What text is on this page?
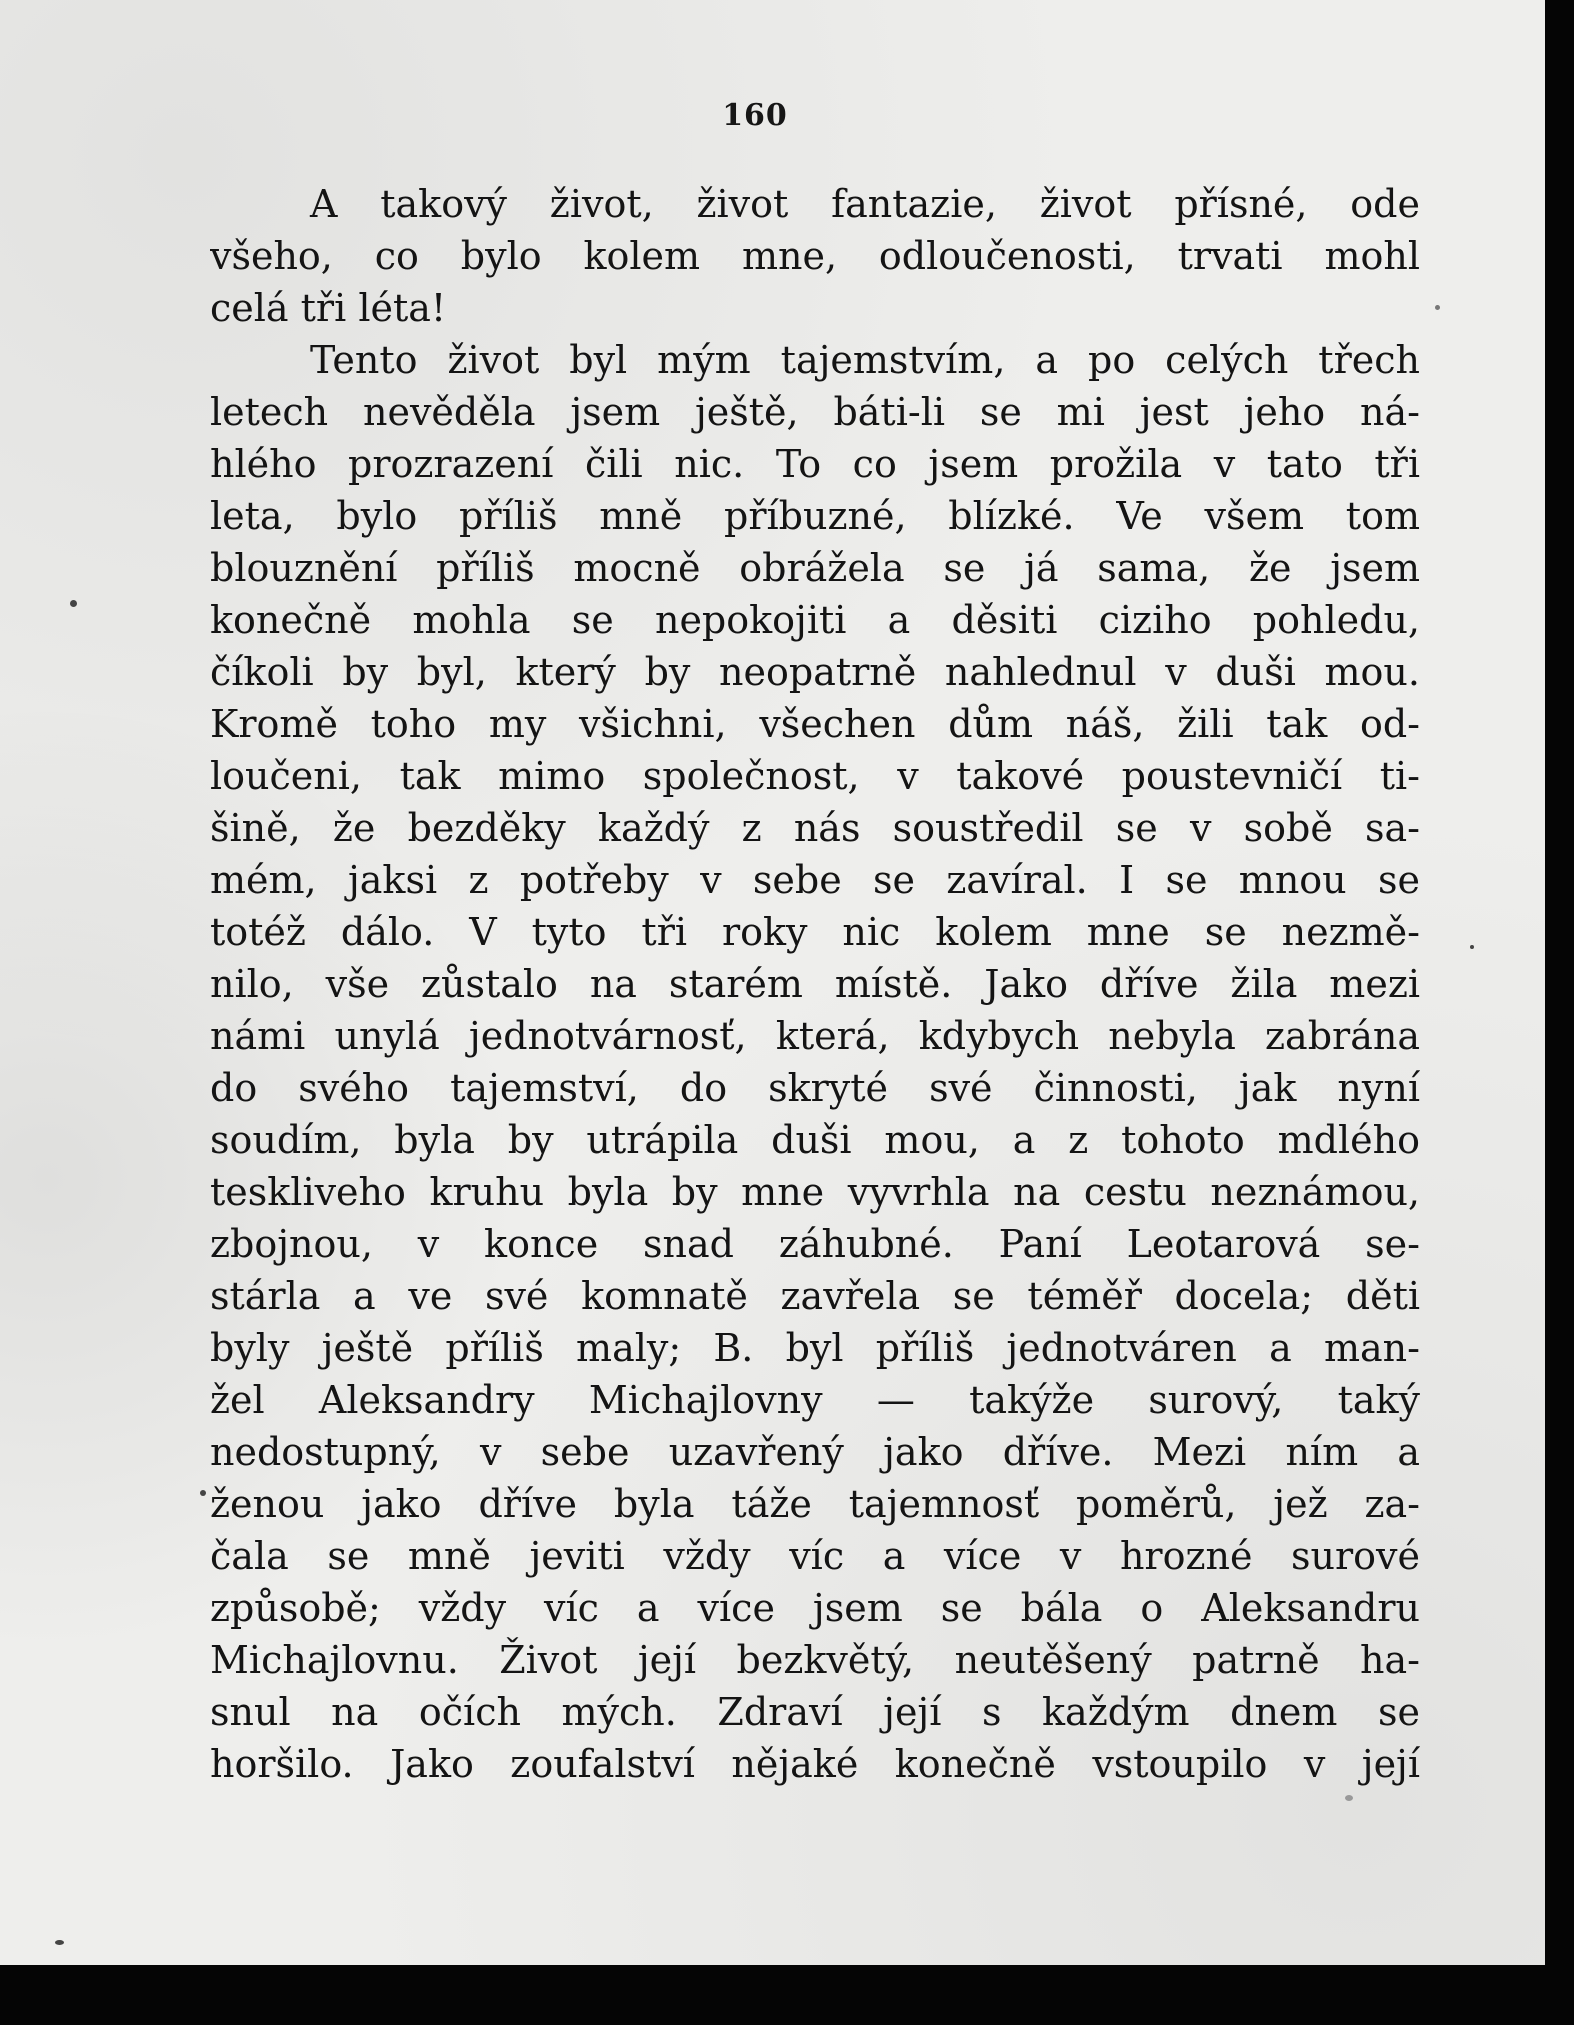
160
A takový život, život fantazie, život přísné, ode
všeho, co bylo kolem mne, odloučenosti, trvati mohl
celá tři léta!
Tento život byl mým tajemstvím, a po celých třech
letech nevěděla jsem ještě, báti-li se mi jest jeho ná-
hlého prozrazení čili nic. To co jsem prožila v tato tři
leta, bylo příliš mně příbuzné, blízké. Ve všem tom
blouznění příliš mocně obrážela se já sama, že jsem
konečně mohla se nepokojiti a děsiti ciziho pohledu,
číkoli by byl, který by neopatrně nahlednul v duši mou.
Kromě toho my všichni, všechen dům náš, žili tak od-
loučeni, tak mimo společnost, v takové poustevničí ti-
šině, že bezděky každý z nás soustředil se v sobě sa-
mém, jaksi z potřeby v sebe se zavíral. I se mnou se
totéž dálo. V tyto tři roky nic kolem mne se nezmě-
nilo, vše zůstalo na starém místě. Jako dříve žila mezi
námi unylá jednotvárnosť, která, kdybych nebyla zabrána
do svého tajemství, do skryté své činnosti, jak nyní
soudím, byla by utrápila duši mou, a z tohoto mdlého
teskliveho kruhu byla by mne vyvrhla na cestu neznámou,
zbojnou, v konce snad záhubné. Paní Leotarová se-
stárla a ve své komnatě zavřela se téměř docela; děti
byly ještě příliš maly; B. byl příliš jednotváren a man-
žel Aleksandry Michajlovny — takýže surový, taký
nedostupný, v sebe uzavřený jako dříve. Mezi ním a
ženou jako dříve byla táže tajemnosť poměrů, jež za-
čala se mně jeviti vždy víc a více v hrozné surové
způsobě; vždy víc a více jsem se bála o Aleksandru
Michajlovnu. Život její bezkvětý, neutěšený patrně ha-
snul na očích mých. Zdraví její s každým dnem se
horšilo. Jako zoufalství nějaké konečně vstoupilo v její
